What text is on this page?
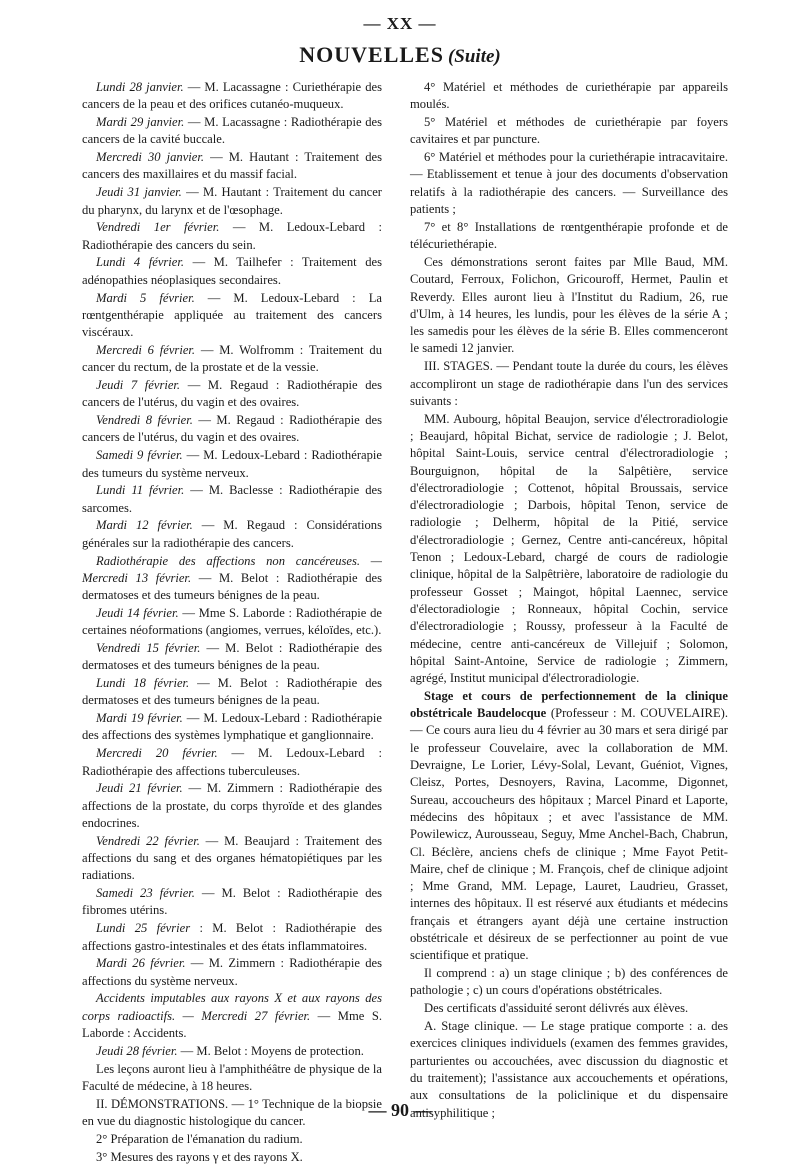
— XX —
NOUVELLES (Suite)

Lundi 28 janvier. — M. Lacassagne : Curiethérapie des cancers de la peau et des orifices cutanéo-muqueux.

Mardi 29 janvier. — M. Lacassagne : Radiothérapie des cancers de la cavité buccale.

Mercredi 30 janvier. — M. Hautant : Traitement des cancers des maxillaires et du massif facial.

Jeudi 31 janvier. — M. Hautant : Traitement du cancer du pharynx, du larynx et de l'œsophage.

Vendredi 1er février. — M. Ledoux-Lebard : Radiothérapie des cancers du sein.

Lundi 4 février. — M. Tailhefer : Traitement des adénopathies néoplasiques secondaires.

Mardi 5 février. — M. Ledoux-Lebard : La rœntgenthérapie appliquée au traitement des cancers viscéraux.

Mercredi 6 février. — M. Wolfromm : Traitement du cancer du rectum, de la prostate et de la vessie.

Jeudi 7 février. — M. Regaud : Radiothérapie des cancers de l'utérus, du vagin et des ovaires.

Vendredi 8 février. — M. Regaud : Radiothérapie des cancers de l'utérus, du vagin et des ovaires.

Samedi 9 février. — M. Ledoux-Lebard : Radiothérapie des tumeurs du système nerveux.

Lundi 11 février. — M. Baclesse : Radiothérapie des sarcomes.

Mardi 12 février. — M. Regaud : Considérations générales sur la radiothérapie des cancers.

Radiothérapie des affections non cancéreuses. — Mercredi 13 février. — M. Belot : Radiothérapie des dermatoses et des tumeurs bénignes de la peau.

Jeudi 14 février. — Mme S. Laborde : Radiothérapie de certaines néoformations (angiomes, verrues, kéloïdes, etc.).

Vendredi 15 février. — M. Belot : Radiothérapie des dermatoses et des tumeurs bénignes de la peau.

Lundi 18 février. — M. Belot : Radiothérapie des dermatoses et des tumeurs bénignes de la peau.

Mardi 19 février. — M. Ledoux-Lebard : Radiothérapie des affections des systèmes lymphatique et ganglionnaire.

Mercredi 20 février. — M. Ledoux-Lebard : Radiothérapie des affections tuberculeuses.

Jeudi 21 février. — M. Zimmern : Radiothérapie des affections de la prostate, du corps thyroïde et des glandes endocrines.

Vendredi 22 février. — M. Beaujard : Traitement des affections du sang et des organes hématopiétiques par les radiations.

Samedi 23 février. — M. Belot : Radiothérapie des fibromes utérins.

Lundi 25 février : M. Belot : Radiothérapie des affections gastro-intestinales et des états inflammatoires.

Mardi 26 février. — M. Zimmern : Radiothérapie des affections du système nerveux.

Accidents imputables aux rayons X et aux rayons des corps radioactifs. — Mercredi 27 février. — Mme S. Laborde : Accidents.

Jeudi 28 février. — M. Belot : Moyens de protection.

Les leçons auront lieu à l'amphithéâtre de physique de la Faculté de médecine, à 18 heures.

II. DÉMONSTRATIONS. — 1° Technique de la biopsie en vue du diagnostic histologique du cancer.

2° Préparation de l'émanation du radium.

3° Mesures des rayons γ et des rayons X.

4° Matériel et méthodes de curiethérapie par appareils moulés.

5° Matériel et méthodes de curiethérapie par foyers cavitaires et par puncture.

6° Matériel et méthodes pour la curiethérapie intracavitaire. — Etablissement et tenue à jour des documents d'observation relatifs à la radiothérapie des cancers. — Surveillance des patients ;

7° et 8° Installations de rœntgenthérapie profonde et de télécuriethérapie.

Ces démonstrations seront faites par Mlle Baud, MM. Coutard, Ferroux, Folichon, Gricouroff, Hermet, Paulin et Reverdy. Elles auront lieu à l'Institut du Radium, 26, rue d'Ulm, à 14 heures, les lundis, pour les élèves de la série A ; les samedis pour les élèves de la série B. Elles commenceront le samedi 12 janvier.

III. STAGES. — Pendant toute la durée du cours, les élèves accompliront un stage de radiothérapie dans l'un des services suivants :

MM. Aubourg, hôpital Beaujon, service d'électroradiologie ; Beaujard, hôpital Bichat, service de radiologie ; J. Belot, hôpital Saint-Louis, service central d'électroradiologie ; Bourguignon, hôpital de la Salpêtière, service d'électroradiologie ; Cottenot, hôpital Broussais, service d'électroradiologie ; Darbois, hôpital Tenon, service de radiologie ; Delherm, hôpital de la Pitié, service d'électroradiologie ; Gernez, Centre anti-cancéreux, hôpital Tenon ; Ledoux-Lebard, chargé de cours de radiologie clinique, hôpital de la Salpêtrière, laboratoire de radiologie du professeur Gosset ; Maingot, hôpital Laennec, service d'électoradiologie ; Ronneaux, hôpital Cochin, service d'électroradiologie ; Roussy, professeur à la Faculté de médecine, centre anti-cancéreux de Villejuif ; Solomon, hôpital Saint-Antoine, Service de radiologie ; Zimmern, agrégé, Institut municipal d'électroradiologie.

Stage et cours de perfectionnement de la clinique obstétricale Baudelocque (Professeur : M. COUVELAIRE). — Ce cours aura lieu du 4 février au 30 mars et sera dirigé par le professeur Couvelaire, avec la collaboration de MM. Devraigne, Le Lorier, Lévy-Solal, Levant, Guéniot, Vignes, Cleisz, Portes, Desnoyers, Ravina, Lacomme, Digonnet, Sureau, accoucheurs des hôpitaux ; Marcel Pinard et Laporte, médecins des hôpitaux ; et avec l'assistance de MM. Powilewicz, Aurousseau, Seguy, Mme Anchel-Bach, Chabrun, Cl. Béclère, anciens chefs de clinique ; Mme Fayot Petit-Maire, chef de clinique ; M. François, chef de clinique adjoint ; Mme Grand, MM. Lepage, Lauret, Laudrieu, Grasset, internes des hôpitaux. Il est réservé aux étudiants et médecins français et étrangers ayant déjà une certaine instruction obstétricale et désireux de se perfectionner au point de vue scientifique et pratique.

Il comprend : a) un stage clinique ; b) des conférences de pathologie ; c) un cours d'opérations obstétricales.

Des certificats d'assiduité seront délivrés aux élèves.

A. Stage clinique. — Le stage pratique comporte : a. des exercices cliniques individuels (examen des femmes gravides, parturientes ou accouchées, avec discussion du diagnostic et du traitement); l'assistance aux accouchements et opérations, aux consultations de la policlinique et du dispensaire antisyphilitique ;

— 90 —
